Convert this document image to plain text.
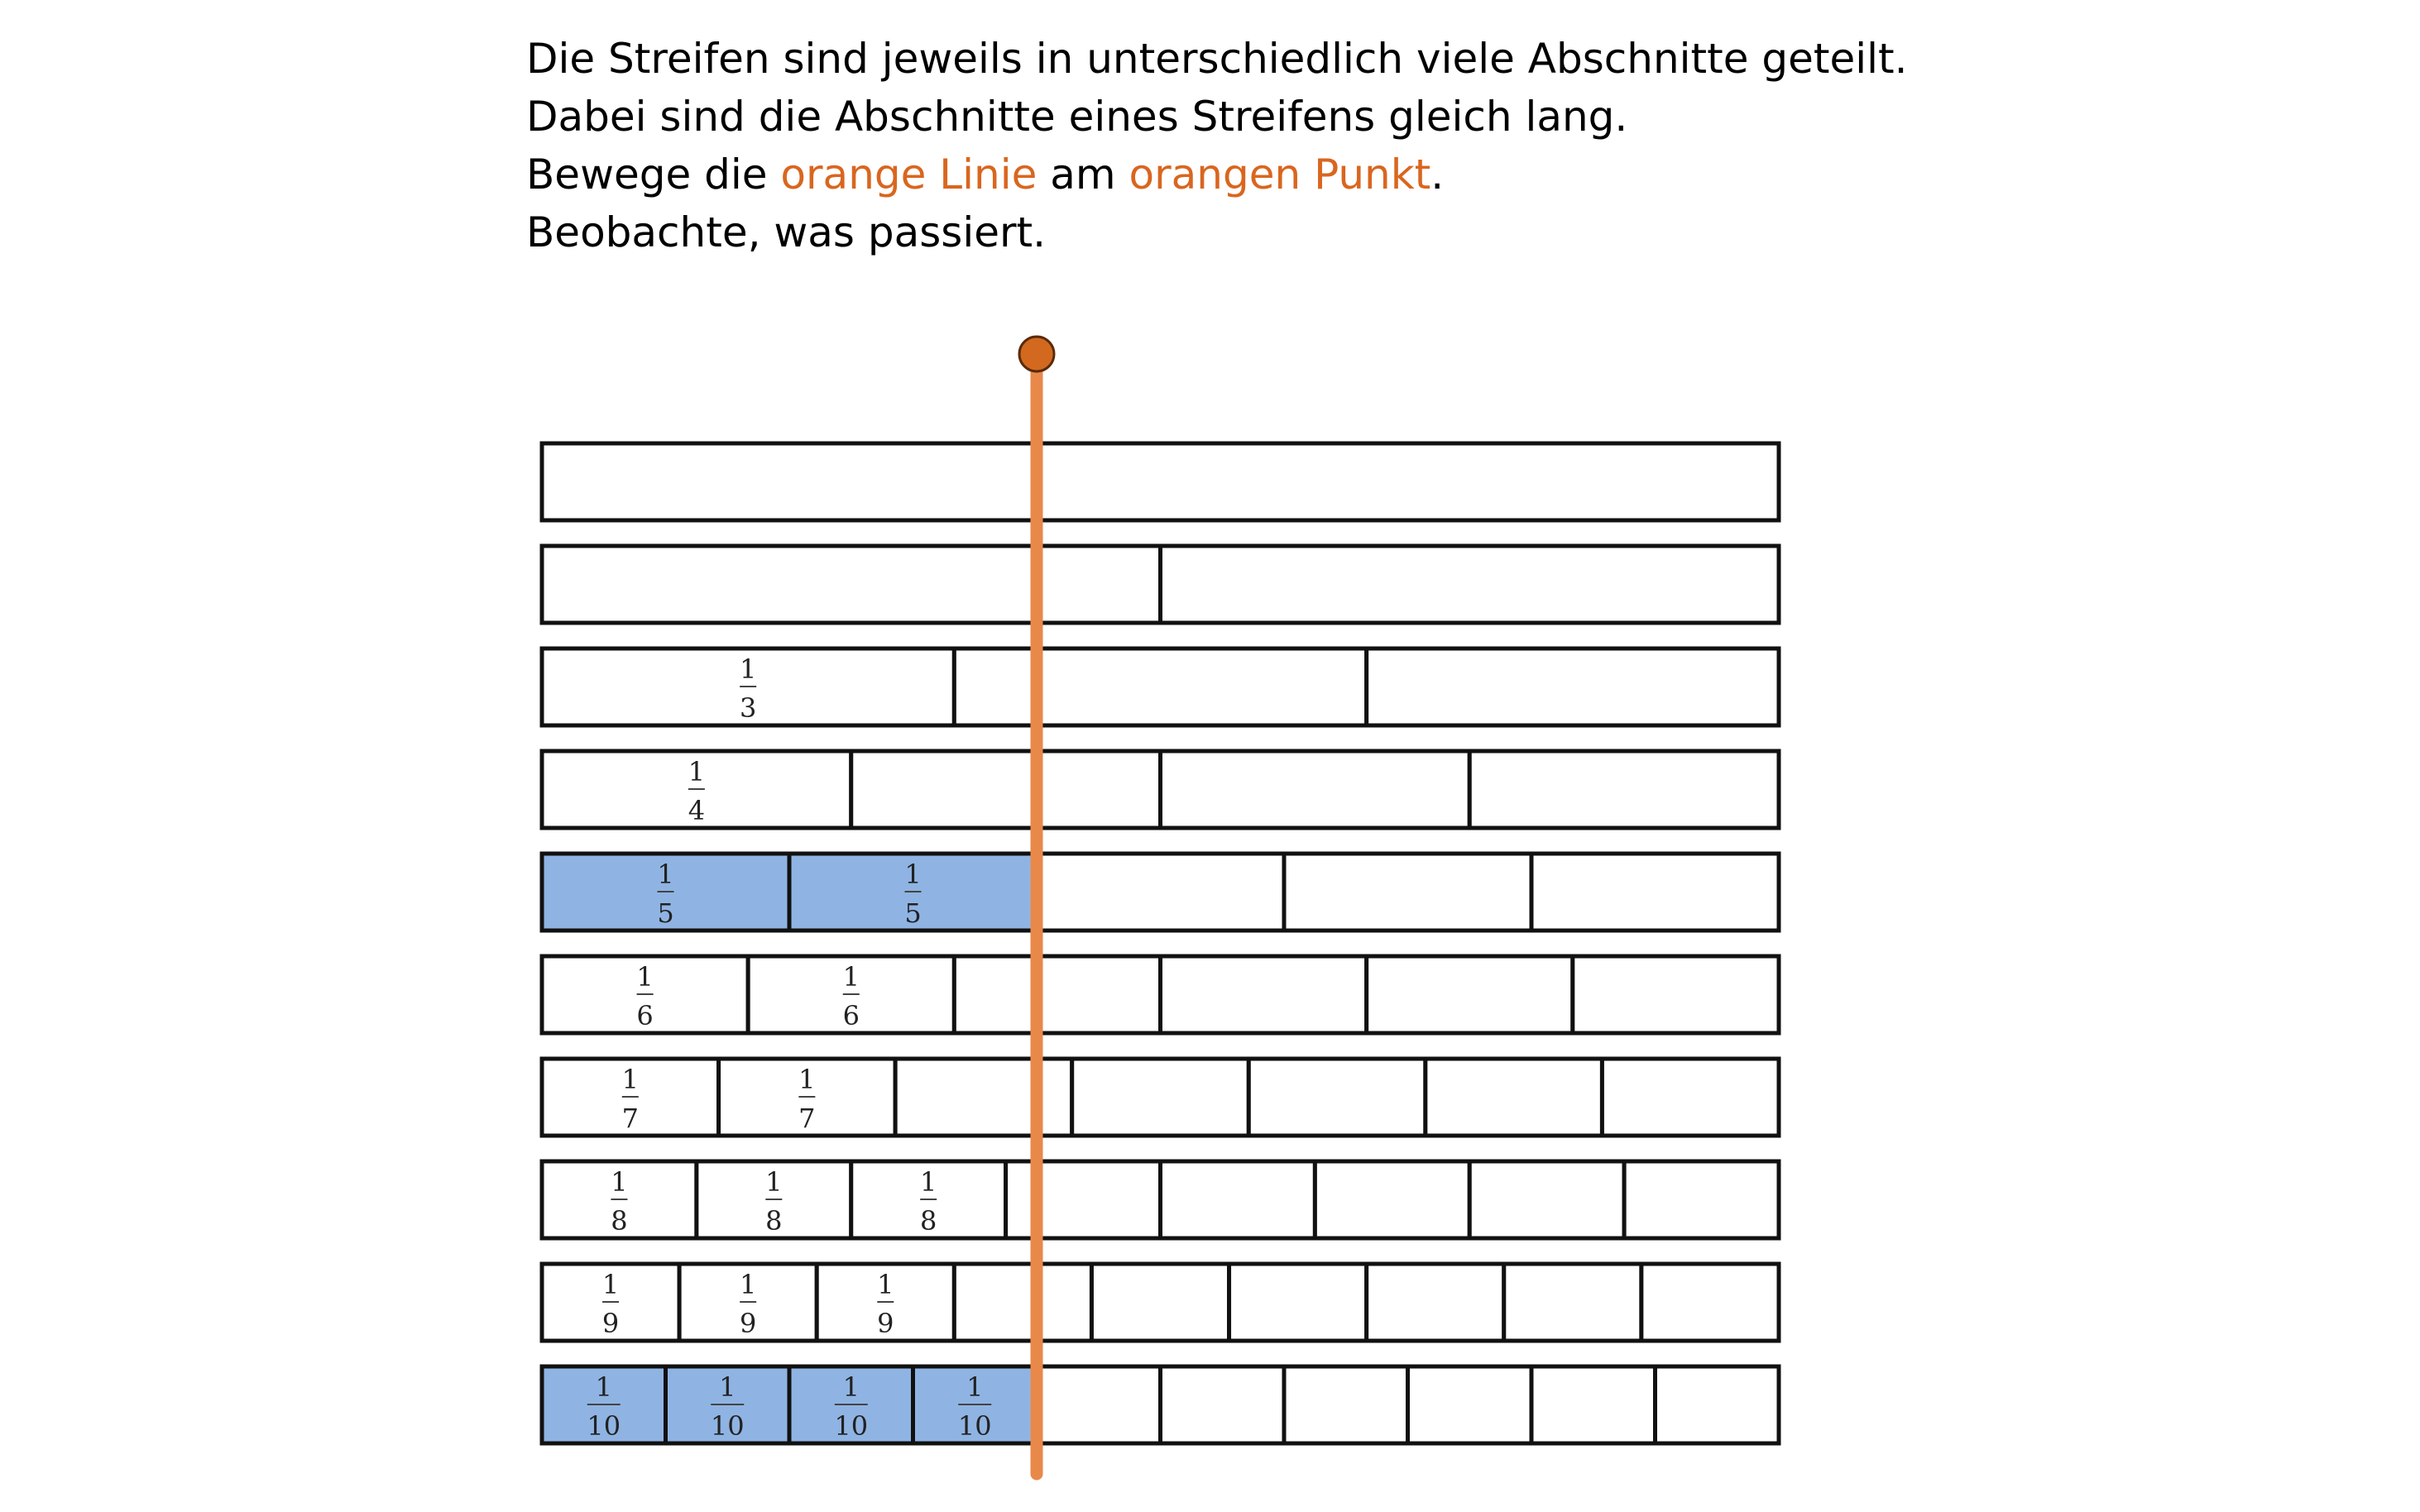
Die Streifen sind jeweils in unterschiedlich viele Abschnitte geteilt.

Dabei sind die Abschnitte eines Streifens gleich lang.

Bewege die orange Linie am orangen Punkt.

Beobachte, was passiert.

1
3
1
4
1
5
1
5
1
6
1
6
1
7
1
7
1
8
1
8
1
8
1
9
1
9
1
9
1
10
1
10
1
10
1
10
